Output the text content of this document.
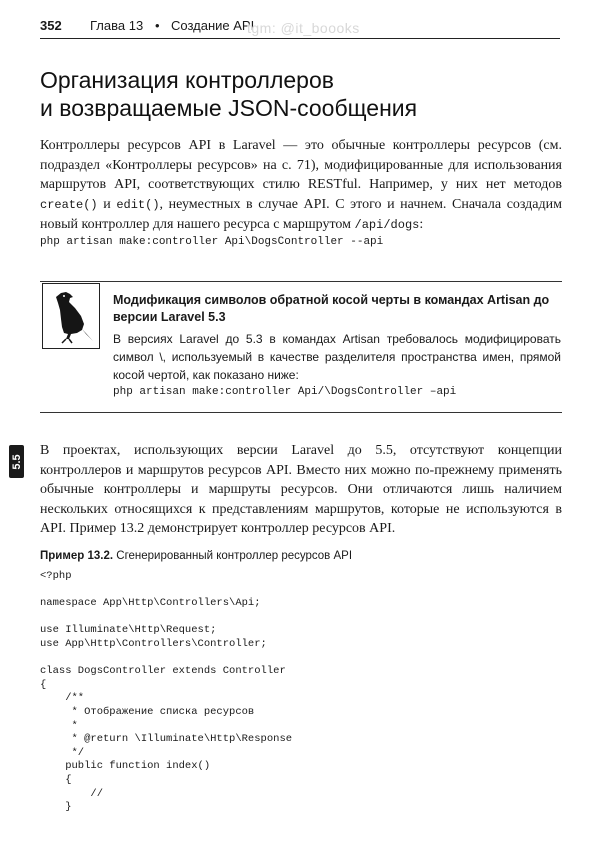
352 Глава 13 • Создание API
tgm: @it_boooks
Организация контроллеров
и возвращаемые JSON-сообщения

Контроллеры ресурсов API в Laravel — это обычные контроллеры ресурсов (см. подраздел «Контроллеры ресурсов» на с. 71), модифицированные для использования маршрутов API, соответствующих стилю RESTful. Например, у них нет методов create() и edit(), неуместных в случае API. С этого и начнем. Сначала создадим новый контроллер для нашего ресурса с маршрутом /api/dogs:

php artisan make:controller Api\DogsController --api

Модификация символов обратной косой черты в командах Artisan до версии Laravel 5.3

В версиях Laravel до 5.3 в командах Artisan требовалось модифицировать символ \, используемый в качестве разделителя пространства имен, прямой косой чертой, как показано ниже:

php artisan make:controller Api/\DogsController –api
5.5

В проектах, использующих версии Laravel до 5.5, отсутствуют концепции контроллеров и маршрутов ресурсов API. Вместо них можно по-прежнему применять обычные контроллеры и маршруты ресурсов. Они отличаются лишь наличием нескольких относящихся к представлениям маршрутов, которые не используются в API. Пример 13.2 демонстрирует контроллер ресурсов API.

Пример 13.2. Сгенерированный контроллер ресурсов API

<?php

namespace App\Http\Controllers\Api;

use Illuminate\Http\Request;
use App\Http\Controllers\Controller;

class DogsController extends Controller
{
/**
* Отображение списка ресурсов
*
* @return \Illuminate\Http\Response
*/
public function index()
{
//
}
